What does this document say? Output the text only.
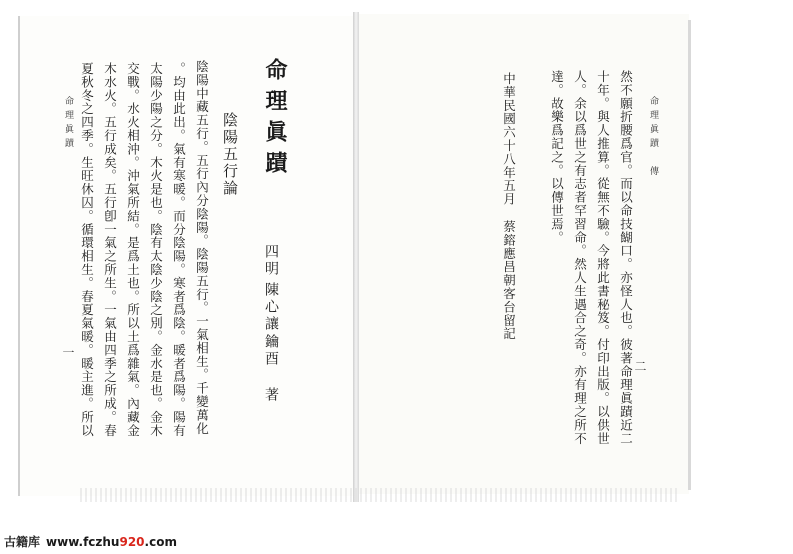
命理眞蹟
一 夏秋冬之四季。生旺休囚。循環相生。春夏氣暖。暖主進。所以 木水火。五行成矣。五行卽一氣之所生。一氣由四季之所成。春 交戰。水火相沖。沖氣所結。是爲土也。所以土爲雜氣。內藏金 太陽少陽之分。木火是也。陰有太陰少陰之別。金水是也。金木 。均由此出。氣有寒暖。而分陰陽。寒者爲陰。暖者爲陽。陽有 陰陽中藏五行。五行內分陰陽。陰陽五行。一氣相生。千變萬化 陰陽五行論
四明
陳心讓
鑰酉 著
命理眞蹟	中華民國六十八年五月
蔡鎔應昌朝客台留記
達。故樂爲記之。以傳世焉。 人。余以爲世之有志者罕習命。然人生遇合之奇。亦有理之所不 十年。與人推算。從無不驗。今將此書秘笈。付印出版。以供世 然不願折腰爲官。而以命技餬口。亦怪人也。彼著命理眞蹟近二 命理眞蹟　傳
二
古籍库 www.fczhu920.com
